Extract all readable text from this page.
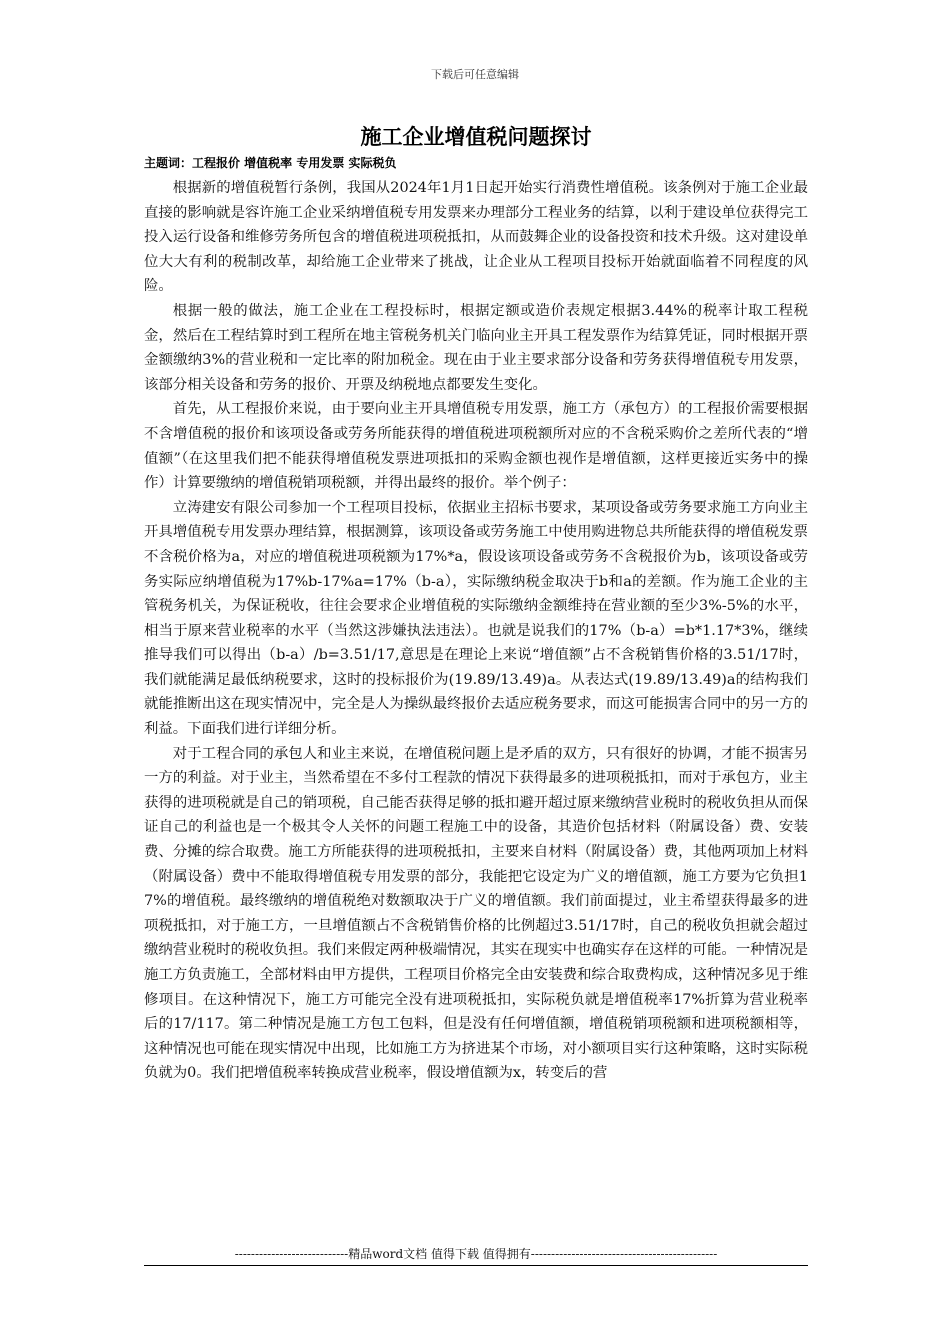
下载后可任意编辑
施工企业增值税问题探讨

主题词：工程报价 增值税率 专用发票 实际税负

根据新的增值税暂行条例，我国从2024年1月1日起开始实行消费性增值税。该条例对于施工企业最直接的影响就是容许施工企业采纳增值税专用发票来办理部分工程业务的结算，以利于建设单位获得完工投入运行设备和维修劳务所包含的增值税进项税抵扣，从而鼓舞企业的设备投资和技术升级。这对建设单位大大有利的税制改革，却给施工企业带来了挑战，让企业从工程项目投标开始就面临着不同程度的风险。

根据一般的做法，施工企业在工程投标时，根据定额或造价表规定根据3.44%的税率计取工程税金，然后在工程结算时到工程所在地主管税务机关门临向业主开具工程发票作为结算凭证，同时根据开票金额缴纳3%的营业税和一定比率的附加税金。现在由于业主要求部分设备和劳务获得增值税专用发票，该部分相关设备和劳务的报价、开票及纳税地点都要发生变化。

首先，从工程报价来说，由于要向业主开具增值税专用发票，施工方（承包方）的工程报价需要根据不含增值税的报价和该项设备或劳务所能获得的增值税进项税额所对应的不含税采购价之差所代表的“增值额”（在这里我们把不能获得增值税发票进项抵扣的采购金额也视作是增值额，这样更接近实务中的操作）计算要缴纳的增值税销项税额，并得出最终的报价。举个例子：

立涛建安有限公司参加一个工程项目投标，依据业主招标书要求，某项设备或劳务要求施工方向业主开具增值税专用发票办理结算，根据测算，该项设备或劳务施工中使用购进物总共所能获得的增值税发票不含税价格为a，对应的增值税进项税额为17%*a，假设该项设备或劳务不含税报价为b，该项设备或劳务实际应纳增值税为17%b-17%a=17%（b-a），实际缴纳税金取决于b和a的差额。作为施工企业的主管税务机关，为保证税收，往往会要求企业增值税的实际缴纳金额维持在营业额的至少3%-5%的水平，相当于原来营业税率的水平（当然这涉嫌执法违法）。也就是说我们的17%（b-a）=b*1.17*3%，继续推导我们可以得出（b-a）/b=3.51/17,意思是在理论上来说“增值额”占不含税销售价格的3.51/17时，我们就能满足最低纳税要求，这时的投标报价为(19.89/13.49)a。从表达式(19.89/13.49)a的结构我们就能推断出这在现实情况中，完全是人为操纵最终报价去适应税务要求，而这可能损害合同中的另一方的利益。下面我们进行详细分析。

对于工程合同的承包人和业主来说，在增值税问题上是矛盾的双方，只有很好的协调，才能不损害另一方的利益。对于业主，当然希望在不多付工程款的情况下获得最多的进项税抵扣，而对于承包方，业主获得的进项税就是自己的销项税，自己能否获得足够的抵扣避开超过原来缴纳营业税时的税收负担从而保证自己的利益也是一个极其令人关怀的问题工程施工中的设备，其造价包括材料（附属设备）费、安装费、分摊的综合取费。施工方所能获得的进项税抵扣，主要来自材料（附属设备）费，其他两项加上材料（附属设备）费中不能取得增值税专用发票的部分，我能把它设定为广义的增值额，施工方要为它负担17%的增值税。最终缴纳的增值税绝对数额取决于广义的增值额。我们前面提过，业主希望获得最多的进项税抵扣，对于施工方，一旦增值额占不含税销售价格的比例超过3.51/17时，自己的税收负担就会超过缴纳营业税时的税收负担。我们来假定两种极端情况，其实在现实中也确实存在这样的可能。一种情况是施工方负责施工，全部材料由甲方提供，工程项目价格完全由安装费和综合取费构成，这种情况多见于维修项目。在这种情况下，施工方可能完全没有进项税抵扣，实际税负就是增值税率17%折算为营业税率后的17/117。第二种情况是施工方包工包料，但是没有任何增值额，增值税销项税额和进项税额相等，这种情况也可能在现实情况中出现，比如施工方为挤进某个市场，对小额项目实行这种策略，这时实际税负就为0。我们把增值税率转换成营业税率，假设增值额为x，转变后的营

----------------------------精品word文档 值得下载 值得拥有----------------------------------------------
